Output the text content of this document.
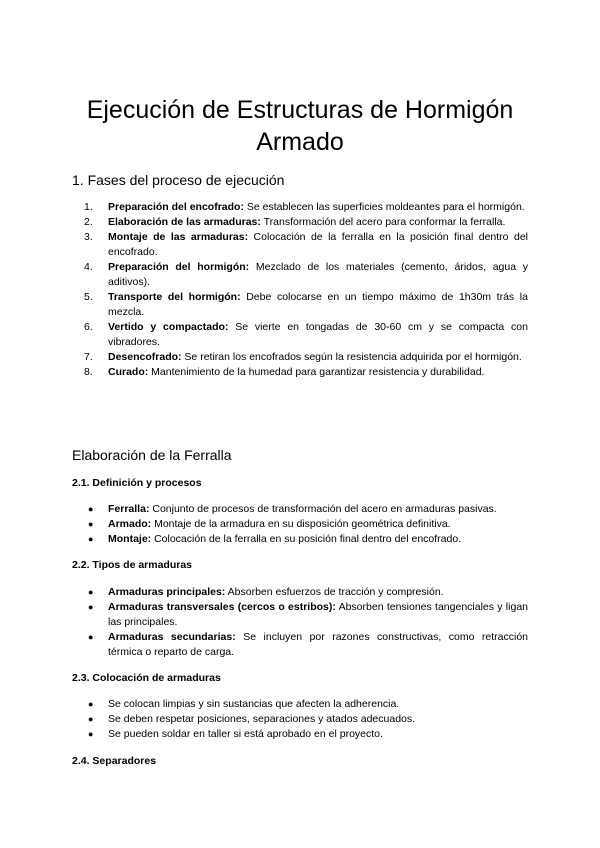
Ejecución de Estructuras de Hormigón Armado
1. Fases del proceso de ejecución
1.	Preparación del encofrado: Se establecen las superficies moldeantes para el hormigón.
2.	Elaboración de las armaduras: Transformación del acero para conformar la ferralla.
3.	Montaje de las armaduras: Colocación de la ferralla en la posición final dentro del encofrado.
4.	Preparación del hormigón: Mezclado de los materiales (cemento, áridos, agua y aditivos).
5.	Transporte del hormigón: Debe colocarse en un tiempo máximo de 1h30m trás la mezcla.
6.	Vertido y compactado: Se vierte en tongadas de 30-60 cm y se compacta con vibradores.
7.	Desencofrado: Se retiran los encofrados según la resistencia adquirida por el hormigón.
8.	Curado: Mantenimiento de la humedad para garantizar resistencia y durabilidad.
Elaboración de la Ferralla
2.1. Definición y procesos
●	Ferralla: Conjunto de procesos de transformación del acero en armaduras pasivas.
●	Armado: Montaje de la armadura en su disposición geométrica definitiva.
●	Montaje: Colocación de la ferralla en su posición final dentro del encofrado.
2.2. Tipos de armaduras
●	Armaduras principales: Absorben esfuerzos de tracción y compresión.
●	Armaduras transversales (cercos o estribos): Absorben tensiones tangenciales y ligan las principales.
●	Armaduras secundarias: Se incluyen por razones constructivas, como retracción térmica o reparto de carga.
2.3. Colocación de armaduras
●	Se colocan limpias y sin sustancias que afecten la adherencia.
●	Se deben respetar posiciones, separaciones y atados adecuados.
●	Se pueden soldar en taller si está aprobado en el proyecto.
2.4. Separadores
